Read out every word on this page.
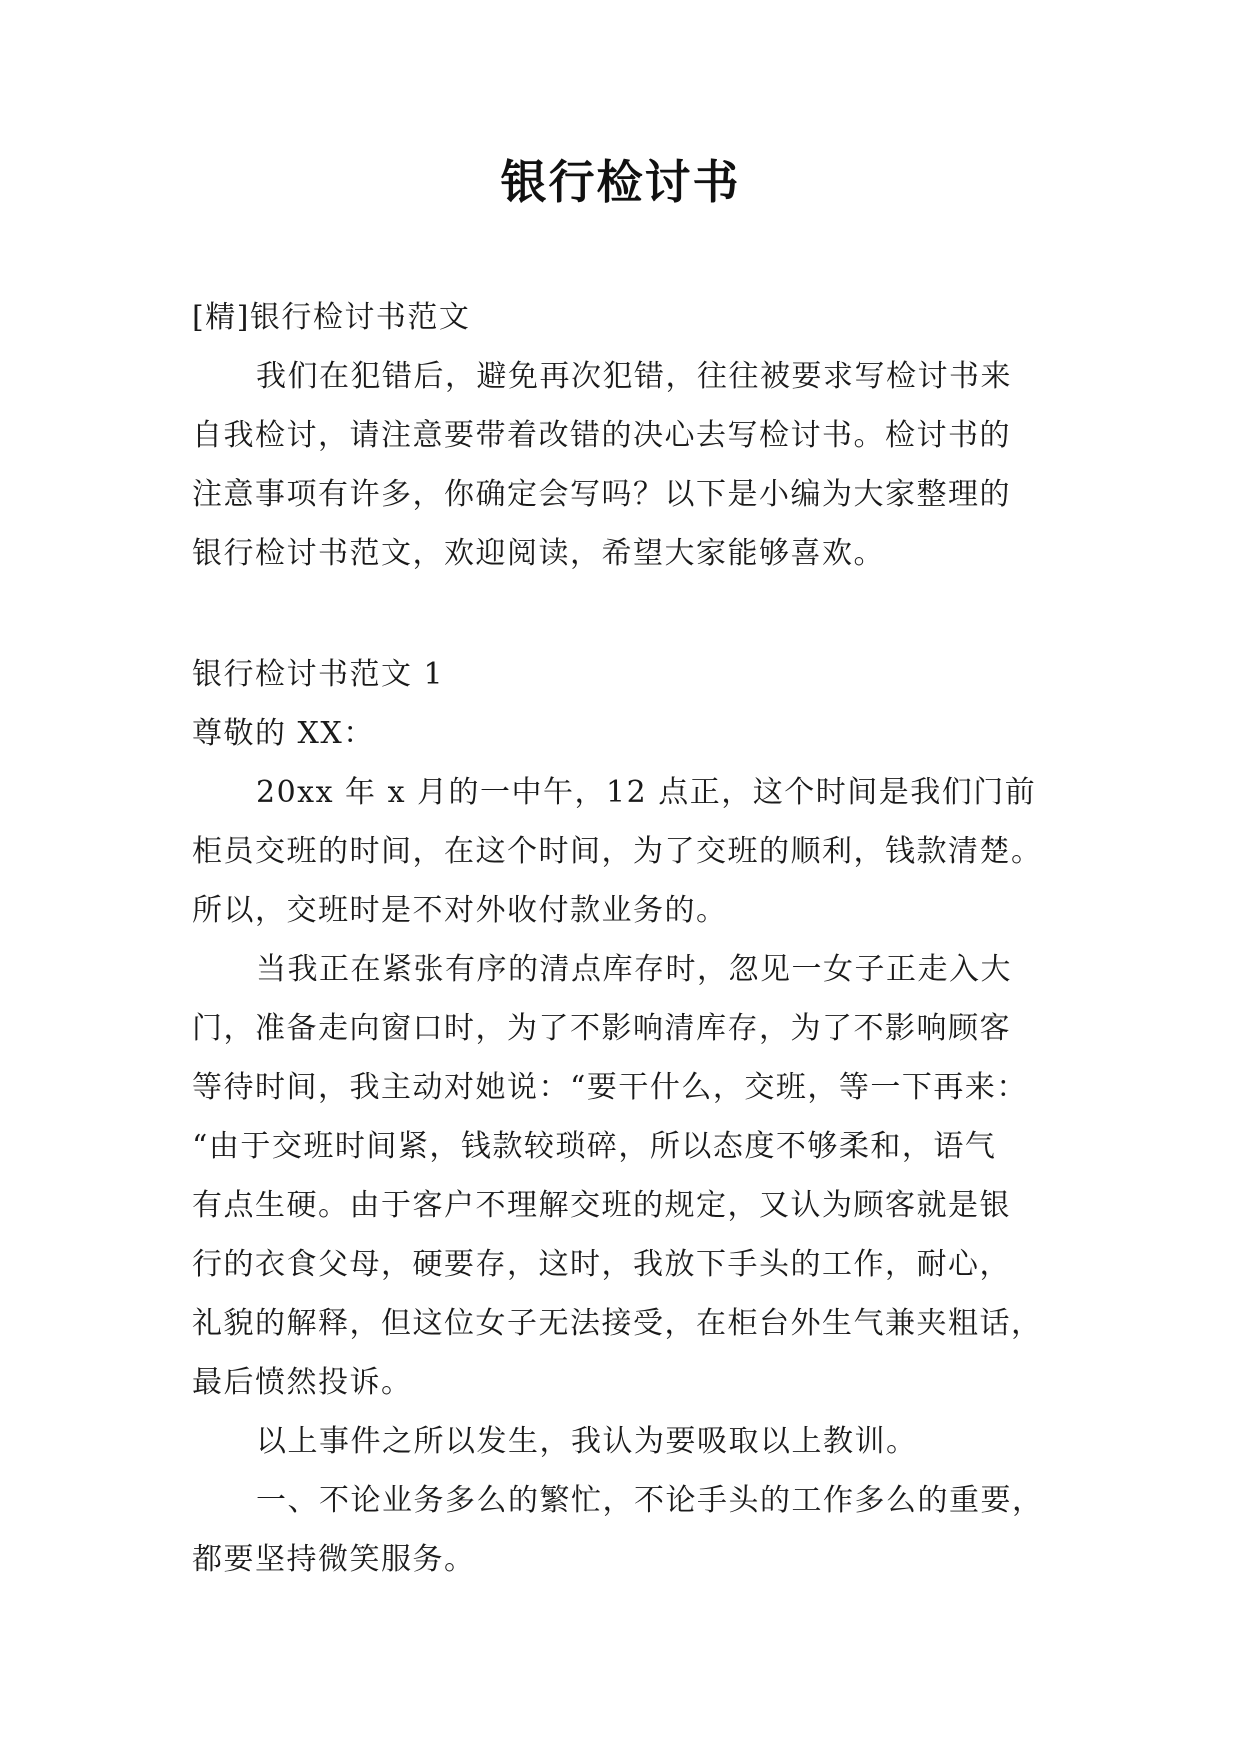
银行检讨书
[精]银行检讨书范文
我们在犯错后，避免再次犯错，往往被要求写检讨书来
自我检讨，请注意要带着改错的决心去写检讨书。检讨书的
注意事项有许多，你确定会写吗？以下是小编为大家整理的
银行检讨书范文，欢迎阅读，希望大家能够喜欢。
银行检讨书范文 1
尊敬的 XX：
20xx 年 x 月的一中午，12 点正，这个时间是我们门前
柜员交班的时间，在这个时间，为了交班的顺利，钱款清楚。
所以，交班时是不对外收付款业务的。
当我正在紧张有序的清点库存时，忽见一女子正走入大
门，准备走向窗口时，为了不影响清库存，为了不影响顾客
等待时间，我主动对她说：“要干什么，交班，等一下再来：
“由于交班时间紧，钱款较琐碎，所以态度不够柔和，语气
有点生硬。由于客户不理解交班的规定，又认为顾客就是银
行的衣食父母，硬要存，这时，我放下手头的工作，耐心，
礼貌的解释，但这位女子无法接受，在柜台外生气兼夹粗话，
最后愤然投诉。
以上事件之所以发生，我认为要吸取以上教训。
一、不论业务多么的繁忙，不论手头的工作多么的重要，
都要坚持微笑服务。
